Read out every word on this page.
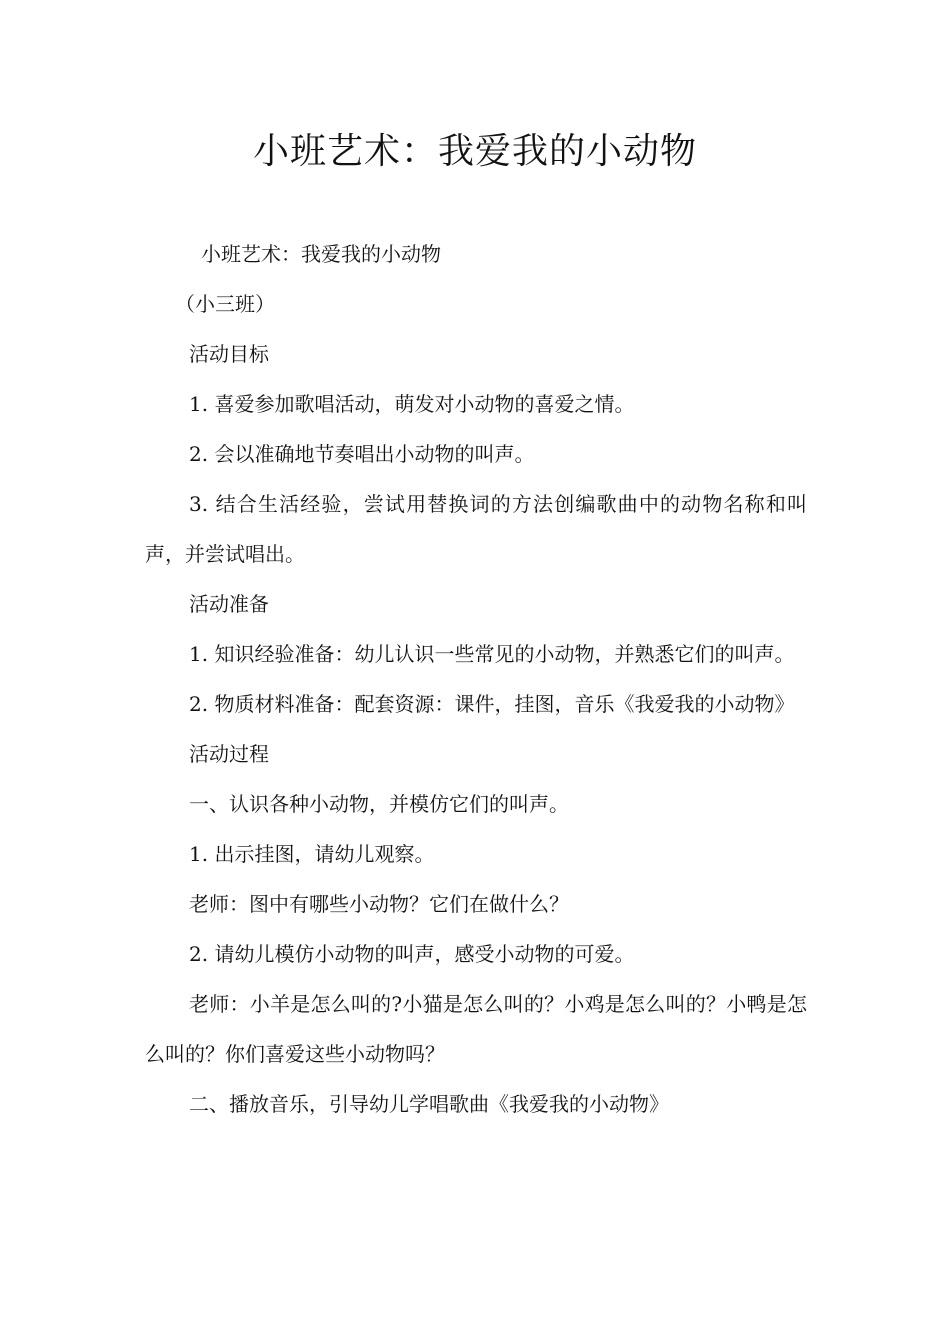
小班艺术：我爱我的小动物

小班艺术：我爱我的小动物

（小三班）

活动目标

1. 喜爱参加歌唱活动，萌发对小动物的喜爱之情。

2. 会以准确地节奏唱出小动物的叫声。

3. 结合生活经验，尝试用替换词的方法创编歌曲中的动物名称和叫声，并尝试唱出。

活动准备

1. 知识经验准备：幼儿认识一些常见的小动物，并熟悉它们的叫声。

2. 物质材料准备：配套资源：课件，挂图，音乐《我爱我的小动物》

活动过程

一、认识各种小动物，并模仿它们的叫声。

1. 出示挂图，请幼儿观察。

老师：图中有哪些小动物？它们在做什么？

2. 请幼儿模仿小动物的叫声，感受小动物的可爱。

老师：小羊是怎么叫的?小猫是怎么叫的？小鸡是怎么叫的？小鸭是怎么叫的？你们喜爱这些小动物吗？

二、播放音乐，引导幼儿学唱歌曲《我爱我的小动物》
